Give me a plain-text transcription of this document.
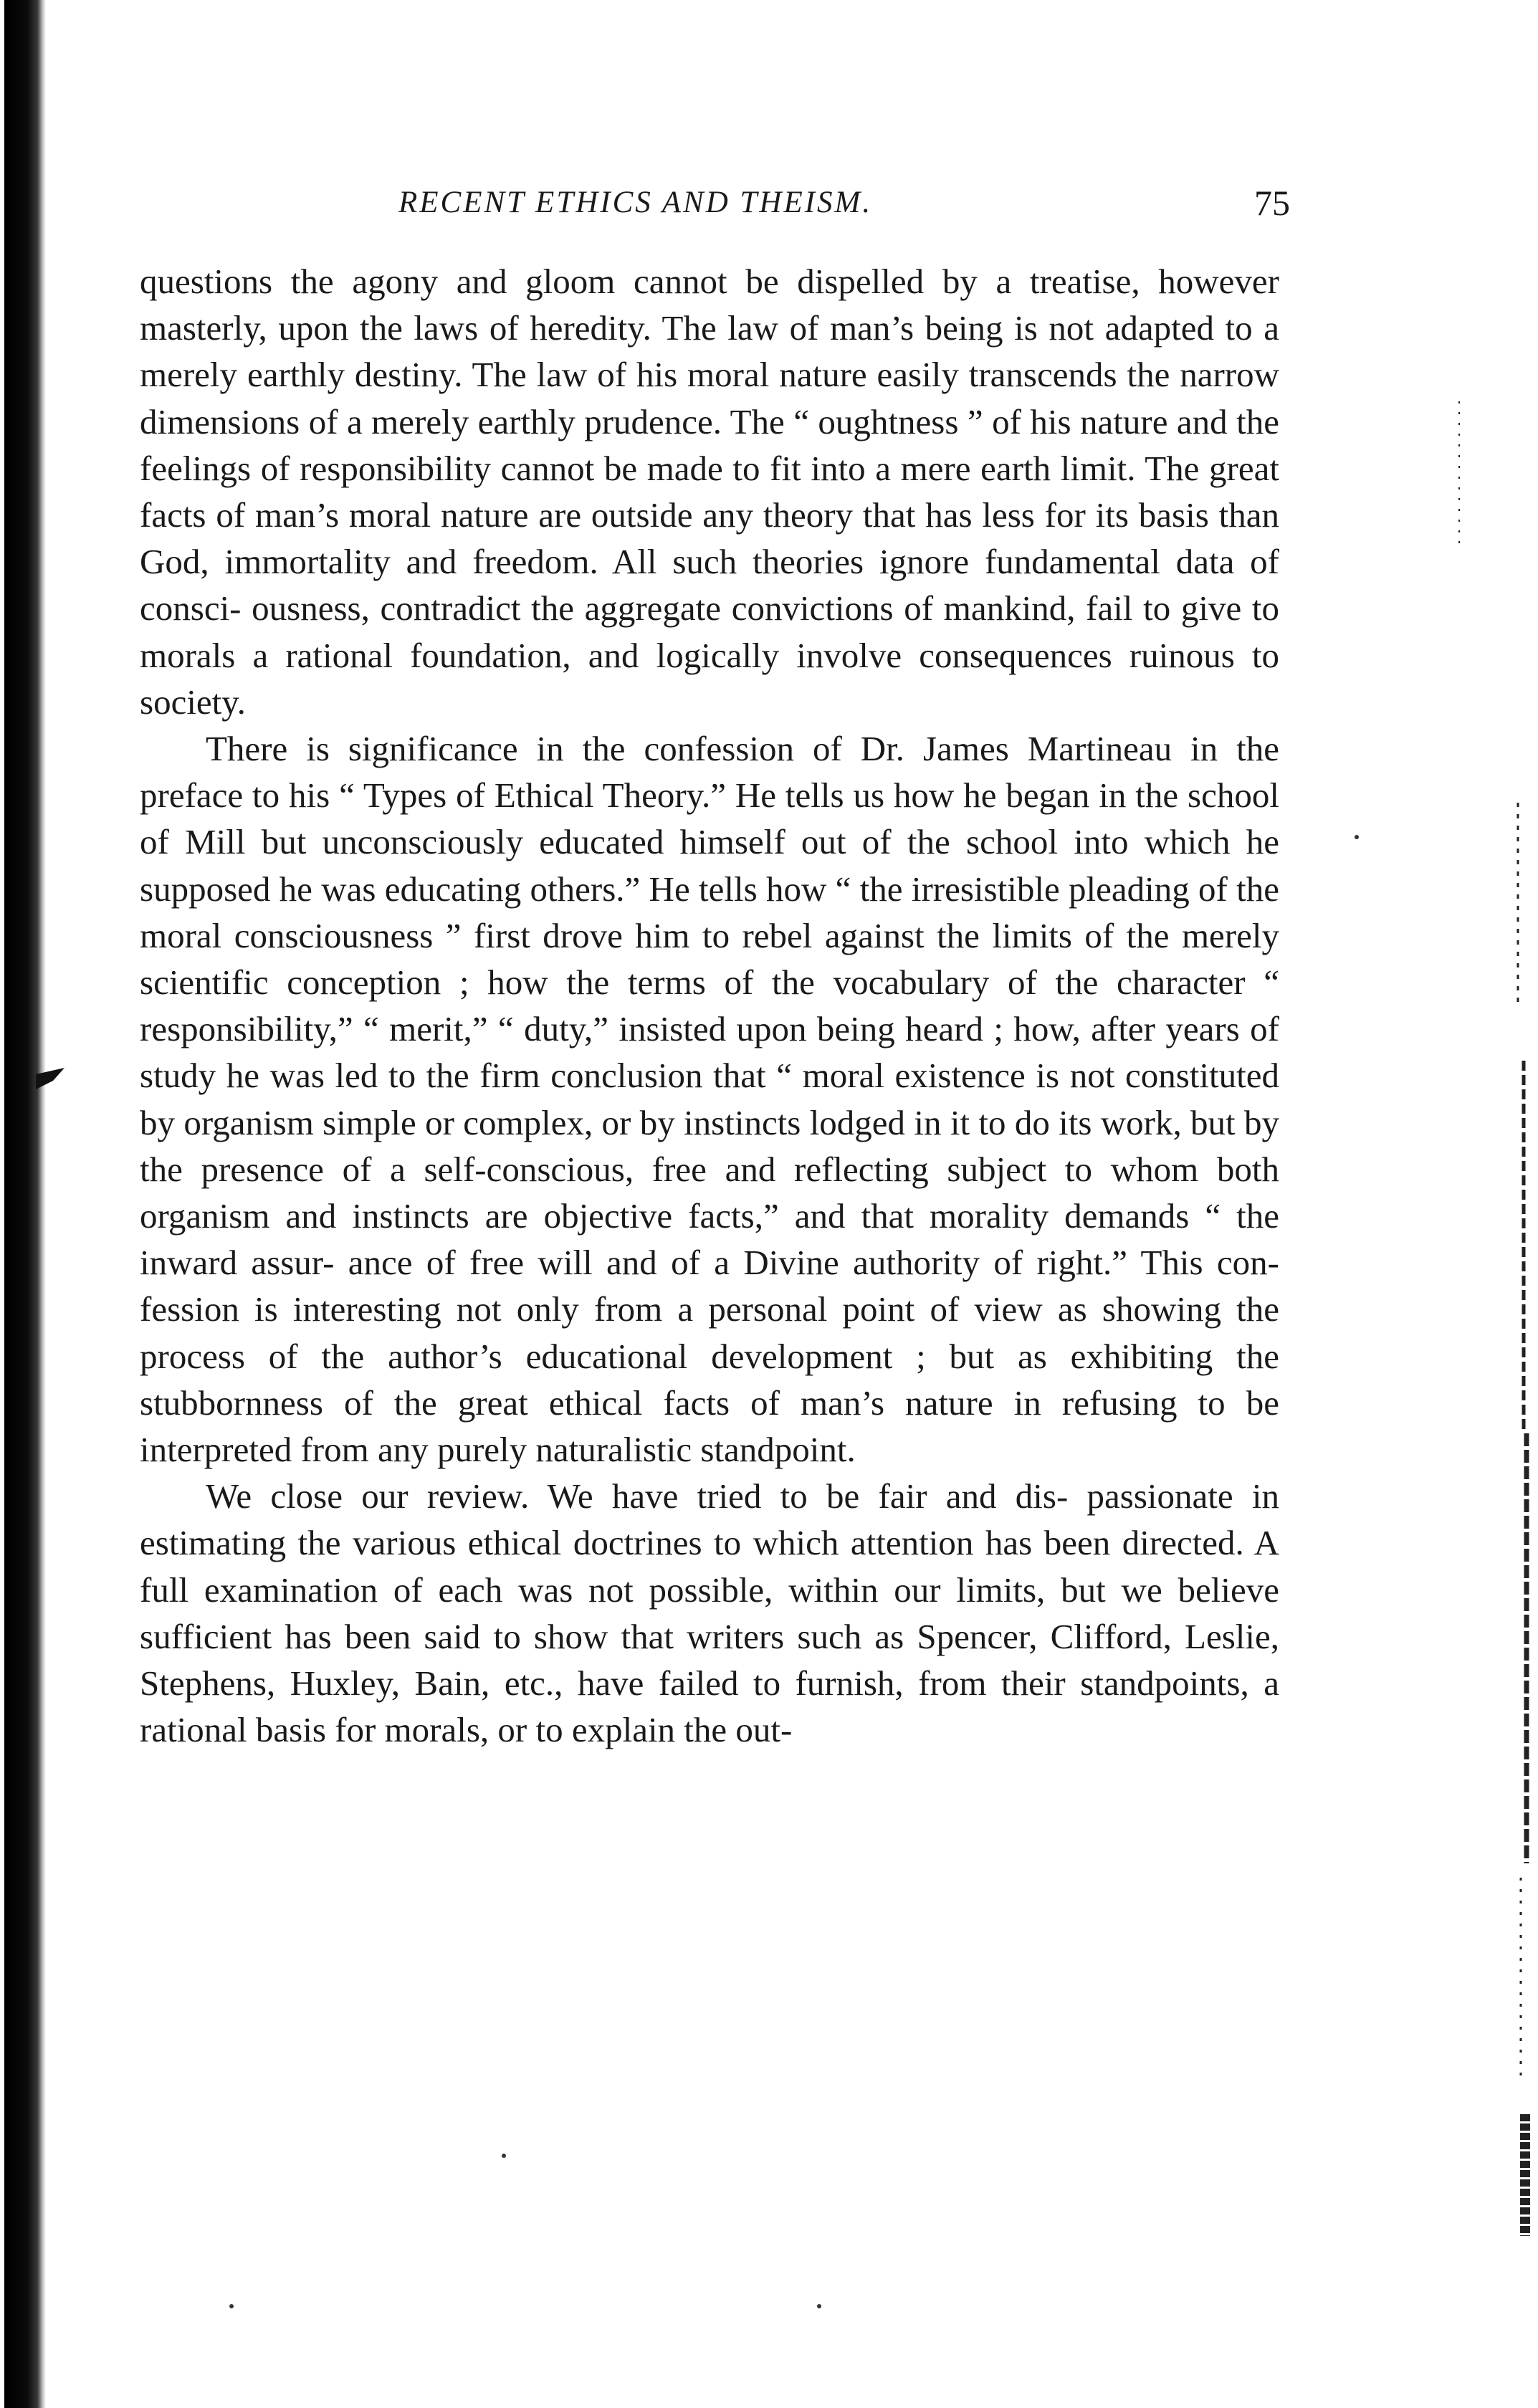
RECENT ETHICS AND THEISM.	75

questions the agony and gloom cannot be dispelled by a treatise, however masterly, upon the laws of heredity. The law of man’s being is not adapted to a merely earthly destiny. The law of his moral nature easily transcends the narrow dimensions of a merely earthly prudence. The “ oughtness ” of his nature and the feelings of responsibility cannot be made to fit into a mere earth limit. The great facts of man’s moral nature are outside any theory that has less for its basis than God, immortality and freedom. All such theories ignore fundamental data of consci- ousness, contradict the aggregate convictions of mankind, fail to give to morals a rational foundation, and logically involve consequences ruinous to society.

There is significance in the confession of Dr. James Martineau in the preface to his “ Types of Ethical Theory.” He tells us how he began in the school of Mill but unconsciously educated himself out of the school into which he supposed he was educating others.” He tells how “ the irresistible pleading of the moral consciousness ” first drove him to rebel against the limits of the merely scientific conception ; how the terms of the vocabulary of the character “ responsibility,” “ merit,” “ duty,” insisted upon being heard ; how, after years of study he was led to the firm conclusion that “ moral existence is not constituted by organism simple or complex, or by instincts lodged in it to do its work, but by the presence of a self-conscious, free and reflecting subject to whom both organism and instincts are objective facts,” and that morality demands “ the inward assur- ance of free will and of a Divine authority of right.” This con- fession is interesting not only from a personal point of view as showing the process of the author’s educational development ; but as exhibiting the stubbornness of the great ethical facts of man’s nature in refusing to be interpreted from any purely naturalistic standpoint.

We close our review. We have tried to be fair and dis- passionate in estimating the various ethical doctrines to which attention has been directed. A full examination of each was not possible, within our limits, but we believe sufficient has been said to show that writers such as Spencer, Clifford, Leslie, Stephens, Huxley, Bain, etc., have failed to furnish, from their standpoints, a rational basis for morals, or to explain the out-
